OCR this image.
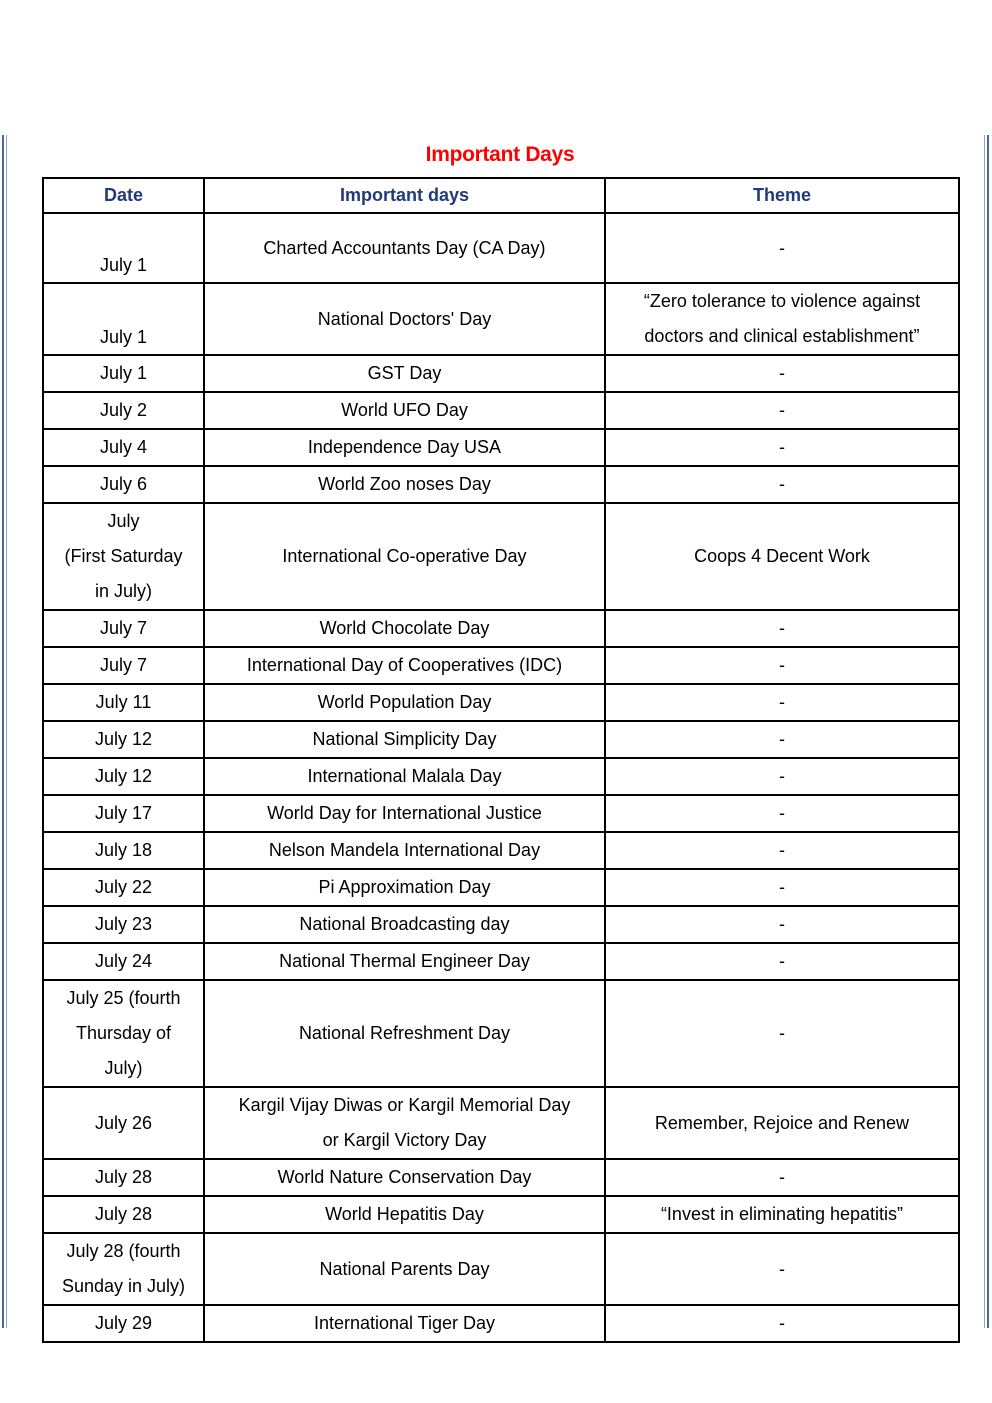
Important Days
Date	Important days	Theme
July 1	Charted Accountants Day (CA Day)	-
July 1	National Doctors' Day	“Zero tolerance to violence against
doctors and clinical establishment”
July 1	GST Day	-
July 2	World UFO Day	-
July 4	Independence Day USA	-
July 6	World Zoo noses Day	-
July
(First Saturday
in July)	International Co-operative Day	Coops 4 Decent Work
July 7	World Chocolate Day	-
July 7	International Day of Cooperatives (IDC)	-
July 11	World Population Day	-
July 12	National Simplicity Day	-
July 12	International Malala Day	-
July 17	World Day for International Justice	-
July 18	Nelson Mandela International Day	-
July 22	Pi Approximation Day	-
July 23	National Broadcasting day	-
July 24	National Thermal Engineer Day	-
July 25 (fourth
Thursday of
July)	National Refreshment Day	-
July 26	Kargil Vijay Diwas or Kargil Memorial Day
or Kargil Victory Day	Remember, Rejoice and Renew
July 28	World Nature Conservation Day	-
July 28	World Hepatitis Day	“Invest in eliminating hepatitis”
July 28 (fourth
Sunday in July)	National Parents Day	-
July 29	International Tiger Day	-
